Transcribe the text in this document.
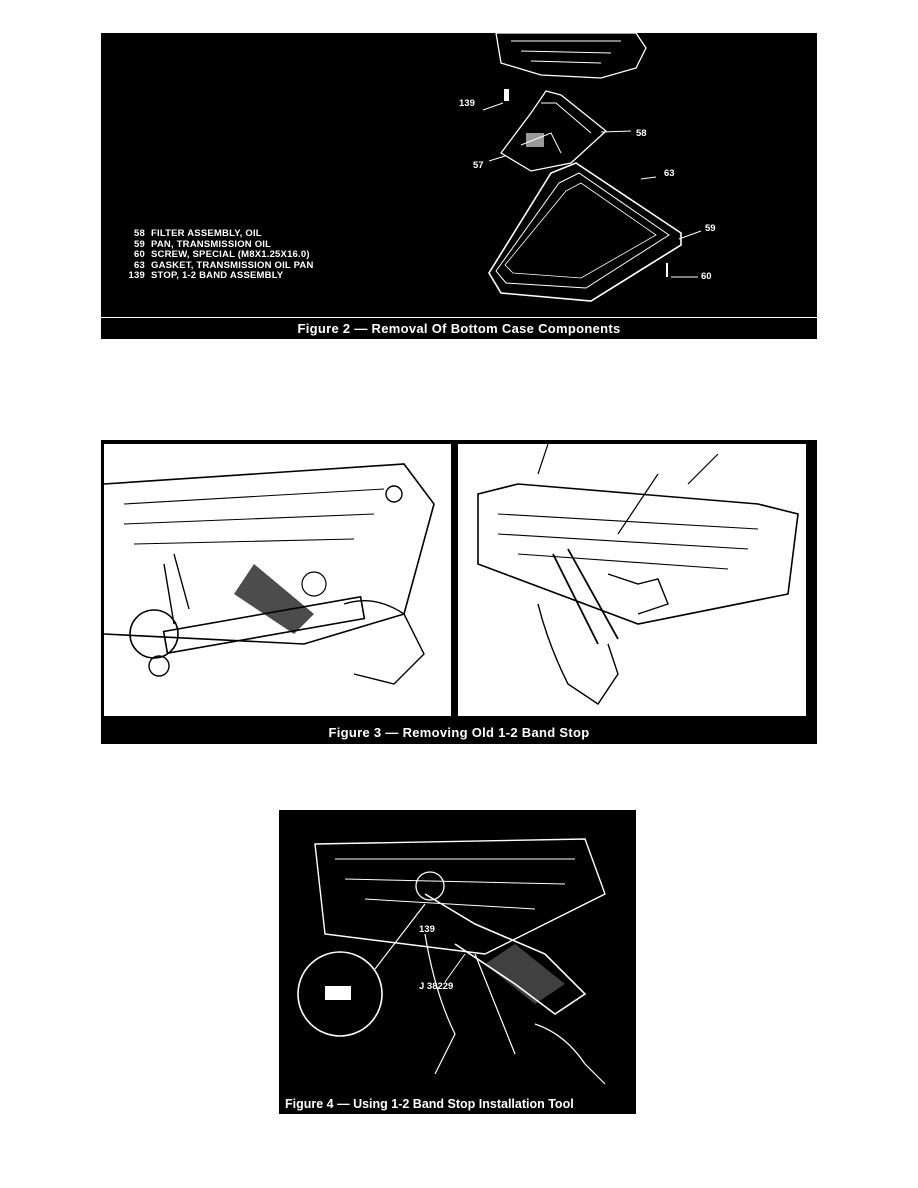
139
58
57
63
59
60
58 FILTER ASSEMBLY, OIL
59 PAN, TRANSMISSION OIL
60 SCREW, SPECIAL (M8X1.25X16.0)
63 GASKET, TRANSMISSION OIL PAN
139 STOP, 1-2 BAND ASSEMBLY
Figure 2 — Removal Of Bottom Case Components
Figure 3 — Removing Old 1-2 Band Stop
139
J 38229
Figure 4 — Using 1-2 Band Stop Installation Tool
